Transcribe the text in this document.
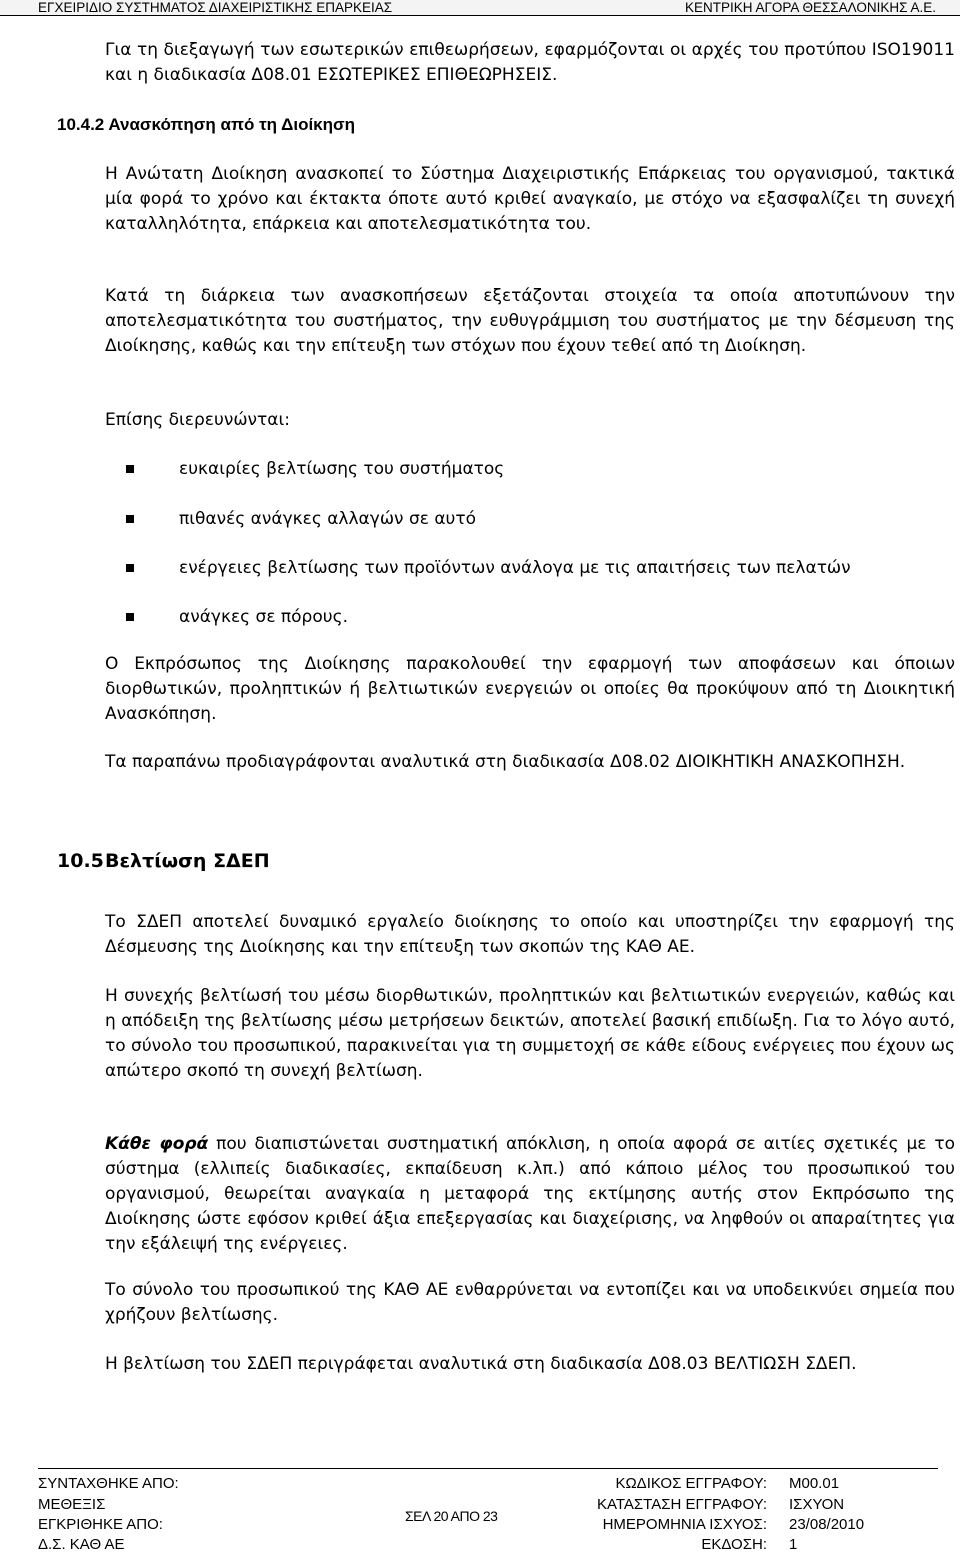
ΕΓΧΕΙΡΙΔΙΟ ΣΥΣΤΗΜΑΤΟΣ ΔΙΑΧΕΙΡΙΣΤΙΚΗΣ ΕΠΑΡΚΕΙΑΣ	ΚΕΝΤΡΙΚΗ ΑΓΟΡΑ ΘΕΣΣΑΛΟΝΙΚΗΣ Α.Ε.

Για τη διεξαγωγή των εσωτερικών επιθεωρήσεων, εφαρμόζονται οι αρχές του προτύπου ISO19011 και η διαδικασία Δ08.01 ΕΣΩΤΕΡΙΚΕΣ ΕΠΙΘΕΩΡΗΣΕΙΣ.

10.4.2 Ανασκόπηση από τη Διοίκηση

Η Ανώτατη Διοίκηση ανασκοπεί το Σύστημα Διαχειριστικής Επάρκειας του οργανισμού, τακτικά μία φορά το χρόνο και έκτακτα όποτε αυτό κριθεί αναγκαίο, με στόχο να εξασφαλίζει τη συνεχή καταλληλότητα, επάρκεια και αποτελεσματικότητα του.

Κατά τη διάρκεια των ανασκοπήσεων εξετάζονται στοιχεία τα οποία αποτυπώνουν την αποτελεσματικότητα του συστήματος, την ευθυγράμμιση του συστήματος με την δέσμευση της Διοίκησης, καθώς και την επίτευξη των στόχων που έχουν τεθεί από τη Διοίκηση.

Επίσης διερευνώνται:

ευκαιρίες βελτίωσης του συστήματος
πιθανές ανάγκες αλλαγών σε αυτό
ενέργειες βελτίωσης των προϊόντων ανάλογα με τις απαιτήσεις των πελατών
ανάγκες σε πόρους.

Ο Εκπρόσωπος της Διοίκησης παρακολουθεί την εφαρμογή των αποφάσεων και όποιων διορθωτικών, προληπτικών ή βελτιωτικών ενεργειών οι οποίες θα προκύψουν από τη Διοικητική Ανασκόπηση.

Τα παραπάνω προδιαγράφονται αναλυτικά στη διαδικασία Δ08.02 ΔΙΟΙΚΗΤΙΚΗ ΑΝΑΣΚΟΠΗΣΗ.

10.5 Βελτίωση ΣΔΕΠ

Το ΣΔΕΠ αποτελεί δυναμικό εργαλείο διοίκησης το οποίο και υποστηρίζει την εφαρμογή της Δέσμευσης της Διοίκησης και την επίτευξη των σκοπών της ΚΑΘ ΑΕ.

Η συνεχής βελτίωσή του μέσω διορθωτικών, προληπτικών και βελτιωτικών ενεργειών, καθώς και η απόδειξη της βελτίωσης μέσω μετρήσεων δεικτών, αποτελεί βασική επιδίωξη. Για το λόγο αυτό, το σύνολο του προσωπικού, παρακινείται για τη συμμετοχή σε κάθε είδους ενέργειες που έχουν ως απώτερο σκοπό τη συνεχή βελτίωση.

Κάθε φορά που διαπιστώνεται συστηματική απόκλιση, η οποία αφορά σε αιτίες σχετικές με το σύστημα (ελλιπείς διαδικασίες, εκπαίδευση κ.λπ.) από κάποιο μέλος του προσωπικού του οργανισμού, θεωρείται αναγκαία η μεταφορά της εκτίμησης αυτής στον Εκπρόσωπο της Διοίκησης ώστε εφόσον κριθεί άξια επεξεργασίας και διαχείρισης, να ληφθούν οι απαραίτητες για την εξάλειψή της ενέργειες.

Το σύνολο του προσωπικού της ΚΑΘ ΑΕ ενθαρρύνεται να εντοπίζει και να υποδεικνύει σημεία που χρήζουν βελτίωσης.

Η βελτίωση του ΣΔΕΠ περιγράφεται αναλυτικά στη διαδικασία Δ08.03 ΒΕΛΤΙΩΣΗ ΣΔΕΠ.

ΣΥΝΤΑΧΘΗΚΕ ΑΠΟ:
ΜΕΘΕΞΙΣ
ΕΓΚΡΙΘΗΚΕ ΑΠΟ:
Δ.Σ. ΚΑΘ ΑΕ
ΣΕΛ 20 ΑΠΟ 23
ΚΩΔΙΚΟΣ ΕΓΓΡΑΦΟΥ:
ΚΑΤΑΣΤΑΣΗ ΕΓΓΡΑΦΟΥ:
ΗΜΕΡΟΜΗΝΙΑ ΙΣΧΥΟΣ:
ΕΚΔΟΣΗ:
Μ00.01
ΙΣΧΥΟΝ
23/08/2010
1
